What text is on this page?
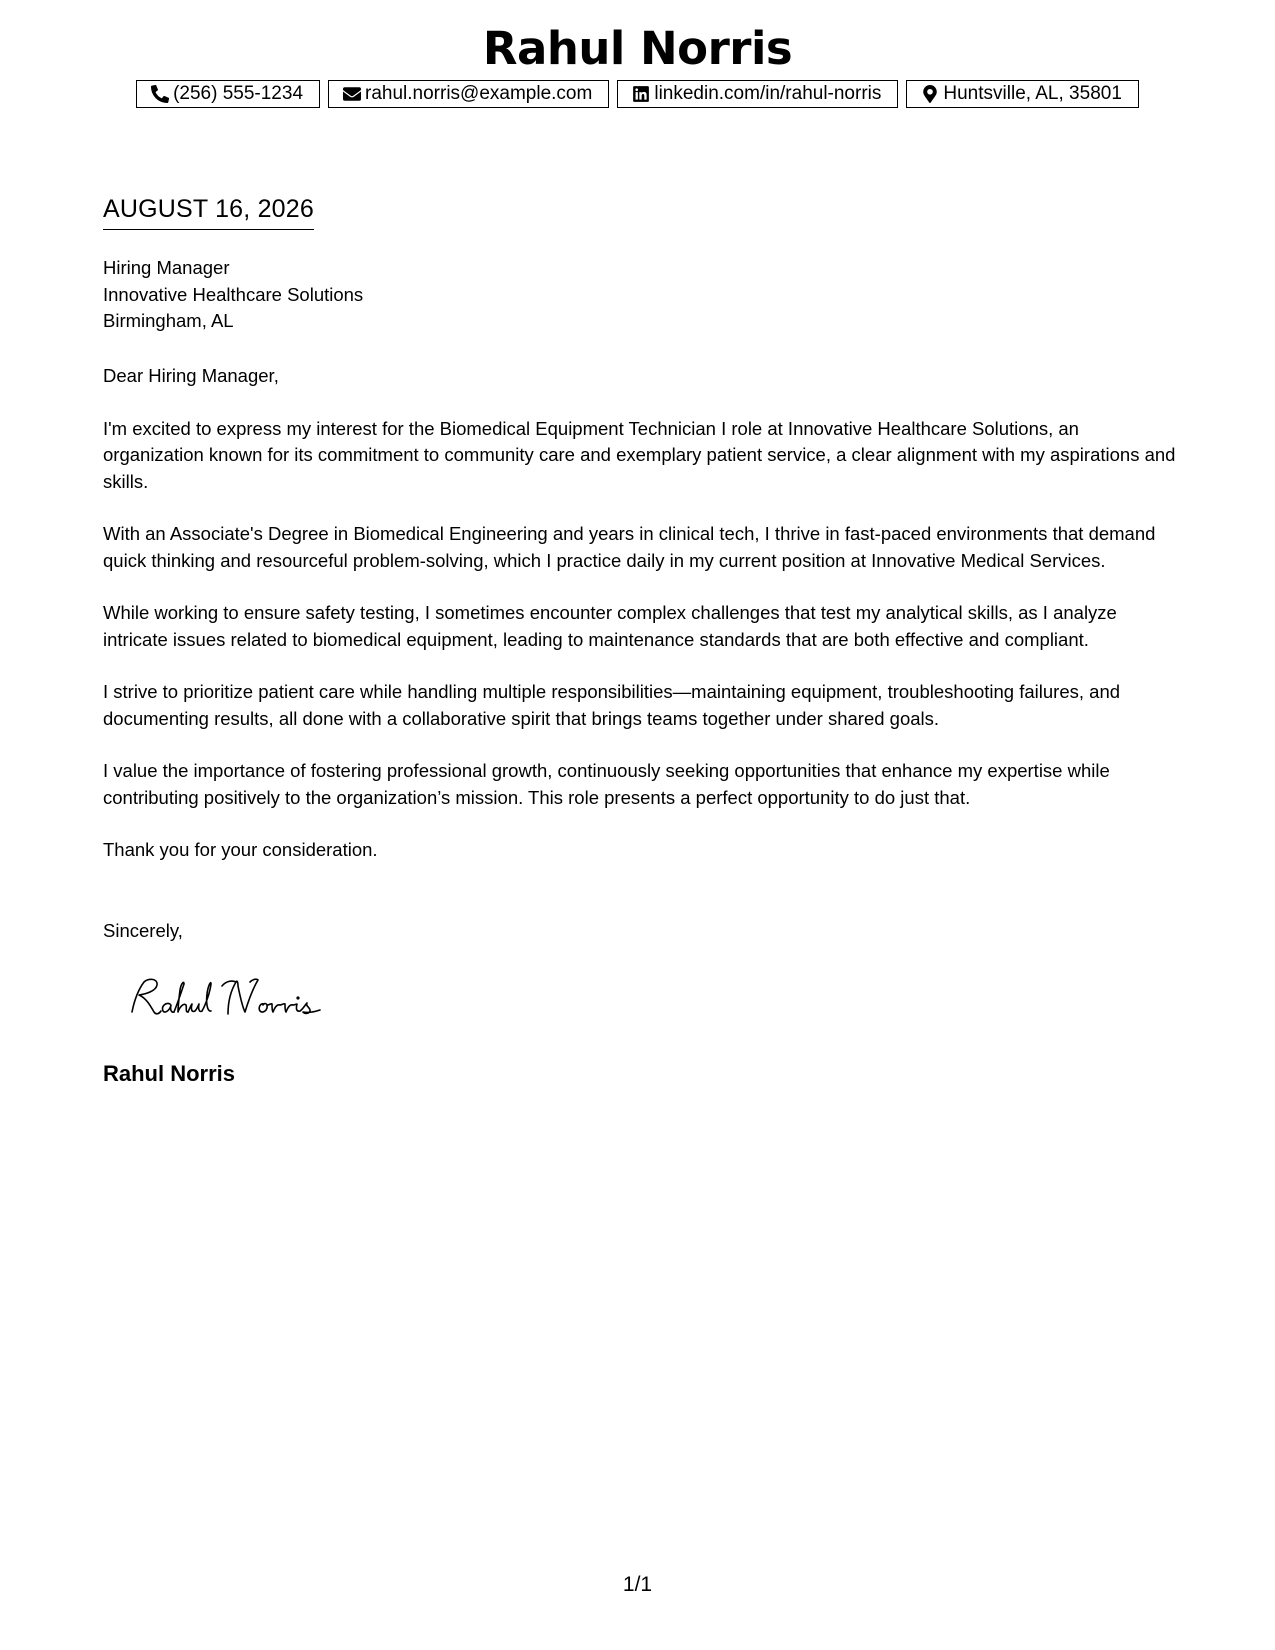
Rahul Norris
(256) 555-1234	rahul.norris@example.com	linkedin.com/in/rahul-norris	Huntsville, AL, 35801
AUGUST 16, 2026
Hiring Manager
Innovative Healthcare Solutions
Birmingham, AL

Dear Hiring Manager,

I'm excited to express my interest for the Biomedical Equipment Technician I role at Innovative Healthcare Solutions, an organization known for its commitment to community care and exemplary patient service, a clear alignment with my aspirations and skills.

With an Associate's Degree in Biomedical Engineering and years in clinical tech, I thrive in fast-paced environments that demand quick thinking and resourceful problem-solving, which I practice daily in my current position at Innovative Medical Services.

While working to ensure safety testing, I sometimes encounter complex challenges that test my analytical skills, as I analyze intricate issues related to biomedical equipment, leading to maintenance standards that are both effective and compliant.

I strive to prioritize patient care while handling multiple responsibilities—maintaining equipment, troubleshooting failures, and documenting results, all done with a collaborative spirit that brings teams together under shared goals.

I value the importance of fostering professional growth, continuously seeking opportunities that enhance my expertise while contributing positively to the organization’s mission. This role presents a perfect opportunity to do just that.

Thank you for your consideration.

Sincerely,
Rahul Norris
1/1
